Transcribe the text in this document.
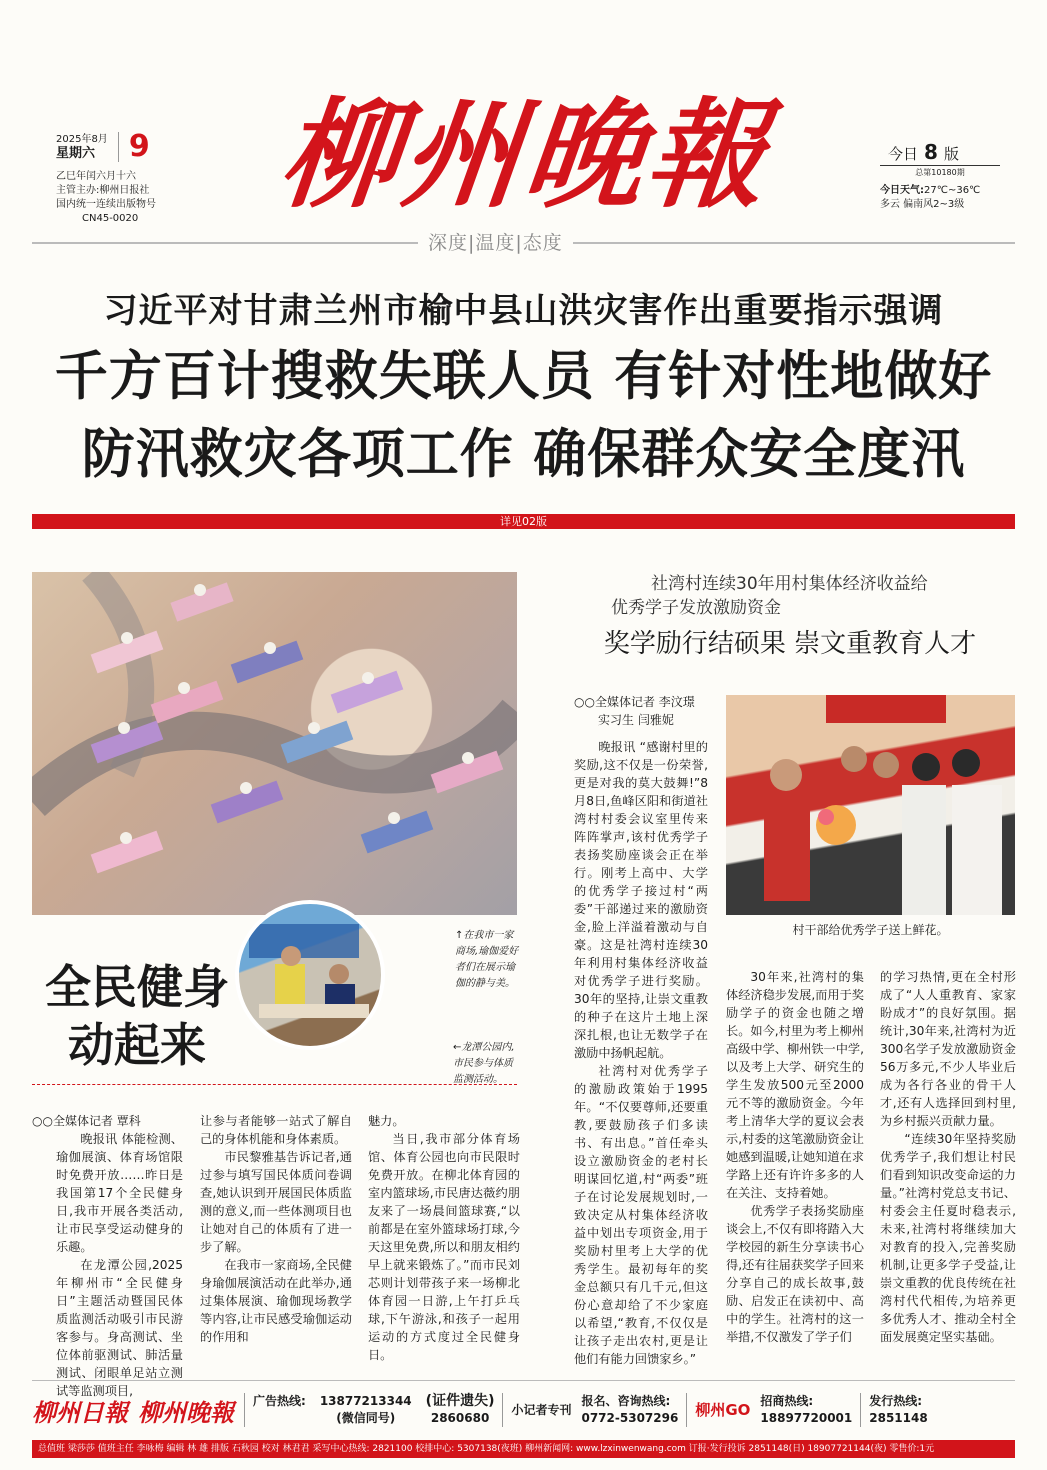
2025年8月
星期六	9
乙巳年闰六月十六
主管主办:柳州日报社
国内统一连续出版物号
CN45-0020	柳州晚報	今日 8 版
总第10180期
今日天气:27℃~36℃
多云 偏南风2~3级
深度|温度|态度
习近平对甘肃兰州市榆中县山洪灾害作出重要指示强调
千方百计搜救失联人员 有针对性地做好
防汛救灾各项工作 确保群众安全度汛
详见02版
↑在我市一家商场,瑜伽爱好者们在展示瑜伽的静与美。
←龙潭公园内,市民参与体质监测活动。
全民健身
动起来
○○全媒体记者 覃科

晚报讯 体能检测、瑜伽展演、体育场馆限时免费开放……昨日是我国第17个全民健身日,我市开展各类活动,让市民享受运动健身的乐趣。

在龙潭公园,2025年柳州市“全民健身日”主题活动暨国民体质监测活动吸引市民游客参与。身高测试、坐位体前驱测试、肺活量测试、闭眼单足站立测试等监测项目,

让参与者能够一站式了解自己的身体机能和身体素质。

市民黎雅基告诉记者,通过参与填写国民体质问卷调查,她认识到开展国民体质监测的意义,而一些体测项目也让她对自己的体质有了进一步了解。

在我市一家商场,全民健身瑜伽展演活动在此举办,通过集体展演、瑜伽现场教学等内容,让市民感受瑜伽运动的作用和

魅力。

当日,我市部分体育场馆、体育公园也向市民限时免费开放。在柳北体育园的室内篮球场,市民唐达薇约朋友来了一场晨间篮球赛,“以前都是在室外篮球场打球,今天这里免费,所以和朋友相约早上就来锻炼了。”而市民刘芯则计划带孩子来一场柳北体育园一日游,上午打乒乓球,下午游泳,和孩子一起用运动的方式度过全民健身日。

社湾村连续30年用村集体经济收益给
优秀学子发放激励资金
奖学励行结硕果 崇文重教育人才
○○全媒体记者 李汶璟
实习生 闫雅妮
村干部给优秀学子送上鲜花。

晚报讯 “感谢村里的奖励,这不仅是一份荣誉,更是对我的莫大鼓舞!”8月8日,鱼峰区阳和街道社湾村村委会议室里传来阵阵掌声,该村优秀学子表扬奖励座谈会正在举行。刚考上高中、大学的优秀学子接过村“两委”干部递过来的激励资金,脸上洋溢着激动与自豪。这是社湾村连续30年利用村集体经济收益对优秀学子进行奖励。30年的坚持,让崇文重教的种子在这片土地上深深扎根,也让无数学子在激励中扬帆起航。

社湾村对优秀学子的激励政策始于1995年。“不仅要尊师,还要重教,要鼓励孩子们多读书、有出息。”首任牵头设立激励资金的老村长明谋回忆道,村“两委”班子在讨论发展规划时,一致决定从村集体经济收益中划出专项资金,用于奖励村里考上大学的优秀学生。最初每年的奖金总额只有几千元,但这份心意却给了不少家庭以希望,“教育,不仅仅是让孩子走出农村,更是让他们有能力回馈家乡。”

30年来,社湾村的集体经济稳步发展,而用于奖励学子的资金也随之增长。如今,村里为考上柳州高级中学、柳州铁一中学,以及考上大学、研究生的学生发放500元至2000元不等的激励资金。今年考上清华大学的夏议会表示,村委的这笔激励资金让她感到温暖,让她知道在求学路上还有许许多多的人在关注、支持着她。

优秀学子表扬奖励座谈会上,不仅有即将踏入大学校园的新生分享读书心得,还有往届获奖学子回来分享自己的成长故事,鼓励、启发正在读初中、高中的学生。社湾村的这一举措,不仅激发了学子们

的学习热情,更在全村形成了“人人重教育、家家盼成才”的良好氛围。据统计,30年来,社湾村为近300名学子发放激励资金56万多元,不少人毕业后成为各行各业的骨干人才,还有人选择回到村里,为乡村振兴贡献力量。

“连续30年坚持奖励优秀学子,我们想让村民们看到知识改变命运的力量。”社湾村党总支书记、村委会主任夏时稳表示,未来,社湾村将继续加大对教育的投入,完善奖励机制,让更多学子受益,让崇文重教的优良传统在社湾村代代相传,为培养更多优秀人才、推动全村全面发展奠定坚实基础。

柳州日報 柳州晚報 广告热线: 13877213344
(微信同号)
(证件遗失)
2860680
小记者专刊
报名、咨询热线:
0772-5307296 柳州GO 招商热线:
18897720001
发行热线:
2851148
总值班 梁莎莎 值班主任 李咏梅 编辑 林 雄 排版 石秋园 校对 林君君 采写中心热线: 2821100 校排中心: 5307138(夜班) 柳州新闻网: www.lzxinwenwang.com 订报·发行投诉 2851148(日) 18907721144(夜) 零售价:1元
